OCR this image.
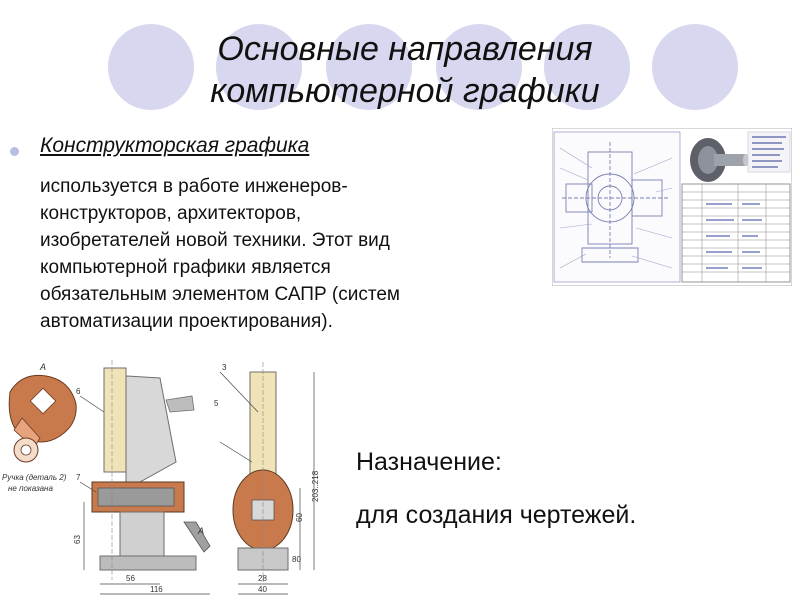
Основные направления
компьютерной графики
Конструкторская графика
используется в работе инженеров-
конструкторов, архитекторов,
изобретателей новой техники. Этот вид
компьютерной графики является
обязательным элементом САПР (систем
автоматизации проектирования).
А
Ручка (деталь 2)
не показана
56
116
28
40
60
203..218
63
80
6
3
5
7
А
Назначение:
для создания чертежей.
